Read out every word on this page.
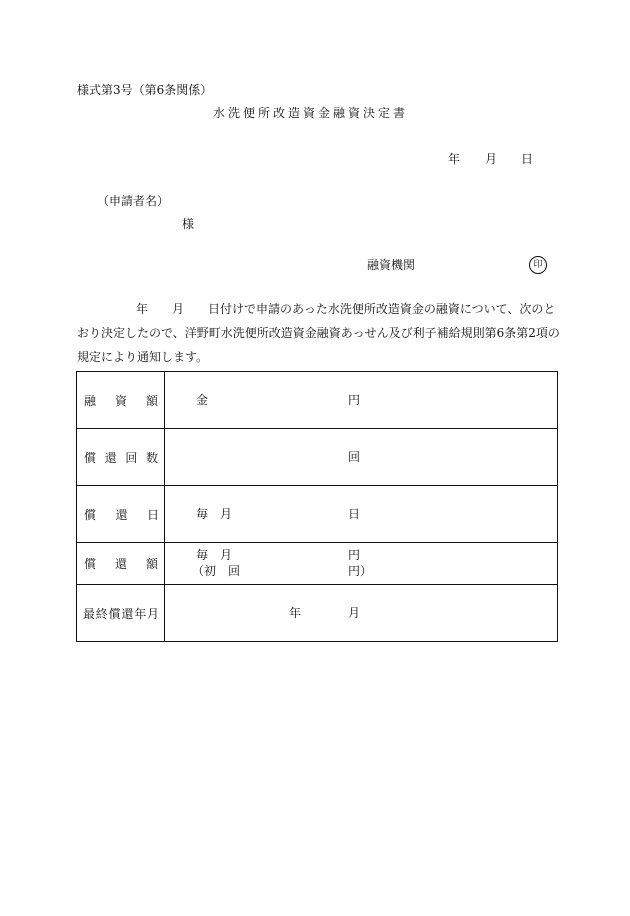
様式第3号（第6条関係）
水洗便所改造資金融資決定書
年 月 日
（申請者名）
様
融資機関	印
年 月 日付けで申請のあった水洗便所改造資金の融資について、次のと
おり決定したので、洋野町水洗便所改造資金融資あっせん及び利子補給規則第6条第2項の
規定により通知します。
融資額	金 円

償還回数	回

償還日	毎　月 日

償還額	毎　月 円
（初　回 円）

最終償還年月	年 月
